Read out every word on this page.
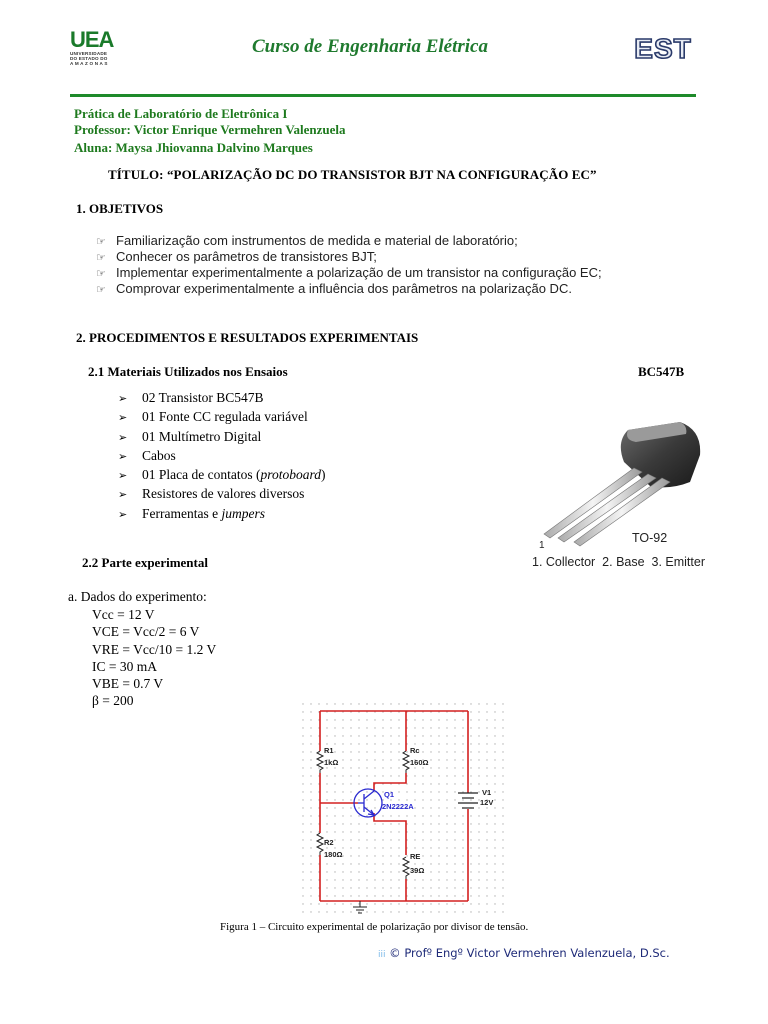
UEA
UNIVERSIDADE
DO ESTADO DO
A M A Z O N A S
Curso de Engenharia Elétrica	EST
Prática de Laboratório de Eletrônica I
Professor: Victor Enrique Vermehren Valenzuela
Aluna: Maysa Jhiovanna Dalvino Marques
TÍTULO: “POLARIZAÇÃO DC DO TRANSISTOR BJT NA CONFIGURAÇÃO EC”
1. OBJETIVOS
☞ Familiarização com instrumentos de medida e material de laboratório;
☞ Conhecer os parâmetros de transistores BJT;
☞ Implementar experimentalmente a polarização de um transistor na configuração EC;
☞ Comprovar experimentalmente a influência dos parâmetros na polarização DC.
2. PROCEDIMENTOS E RESULTADOS EXPERIMENTAIS
2.1 Materiais Utilizados nos Ensaios	BC547B
➢ 02 Transistor BC547B
➢ 01 Fonte CC regulada variável
➢ 01 Multímetro Digital
➢ Cabos
➢ 01 Placa de contatos (protoboard)
➢ Resistores de valores diversos
➢ Ferramentas e jumpers
TO-92
1
1. Collector  2. Base  3. Emitter
2.2 Parte experimental
a. Dados do experimento:
Vcc = 12 V
VCE = Vcc/2 = 6 V
VRE = Vcc/10 = 1.2 V
IC = 30 mA
VBE = 0.7 V
β = 200
R1
1kΩ
Rc
160Ω
V1
12V
R2
180Ω	RE
39Ω
Q1
2N2222A
Figura 1 – Circuito experimental de polarização por divisor de tensão.
iii © Profº Engº Victor Vermehren Valenzuela, D.Sc.
